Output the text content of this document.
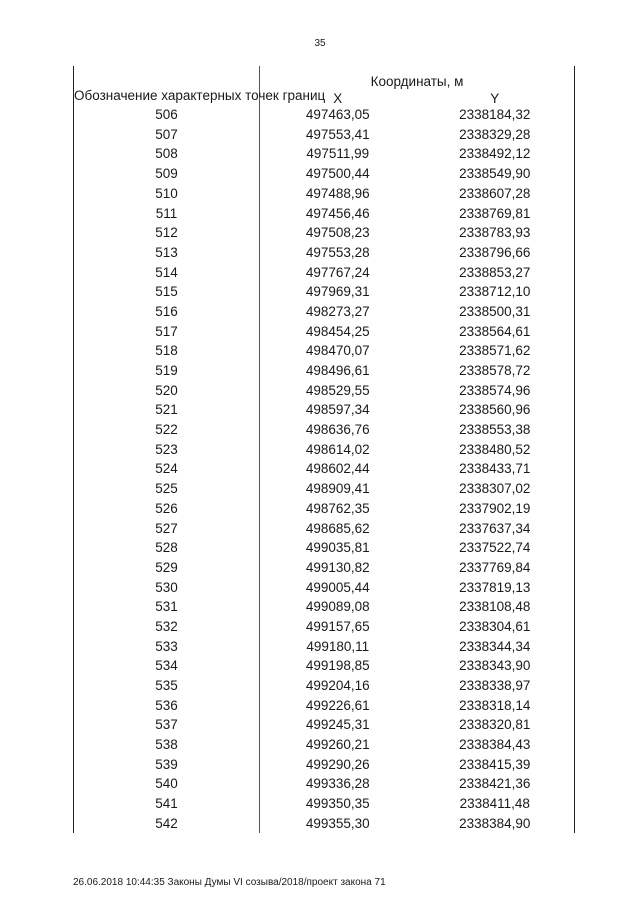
35
Обозначение характерных точек границ	Координаты, м	
	X	Y
506	497463,05	2338184,32
507	497553,41	2338329,28
508	497511,99	2338492,12
509	497500,44	2338549,90
510	497488,96	2338607,28
511	497456,46	2338769,81
512	497508,23	2338783,93
513	497553,28	2338796,66
514	497767,24	2338853,27
515	497969,31	2338712,10
516	498273,27	2338500,31
517	498454,25	2338564,61
518	498470,07	2338571,62
519	498496,61	2338578,72
520	498529,55	2338574,96
521	498597,34	2338560,96
522	498636,76	2338553,38
523	498614,02	2338480,52
524	498602,44	2338433,71
525	498909,41	2338307,02
526	498762,35	2337902,19
527	498685,62	2337637,34
528	499035,81	2337522,74
529	499130,82	2337769,84
530	499005,44	2337819,13
531	499089,08	2338108,48
532	499157,65	2338304,61
533	499180,11	2338344,34
534	499198,85	2338343,90
535	499204,16	2338338,97
536	499226,61	2338318,14
537	499245,31	2338320,81
538	499260,21	2338384,43
539	499290,26	2338415,39
540	499336,28	2338421,36
541	499350,35	2338411,48
542	499355,30	2338384,90
26.06.2018 10:44:35 Законы Думы VI созыва/2018/проект закона 71
